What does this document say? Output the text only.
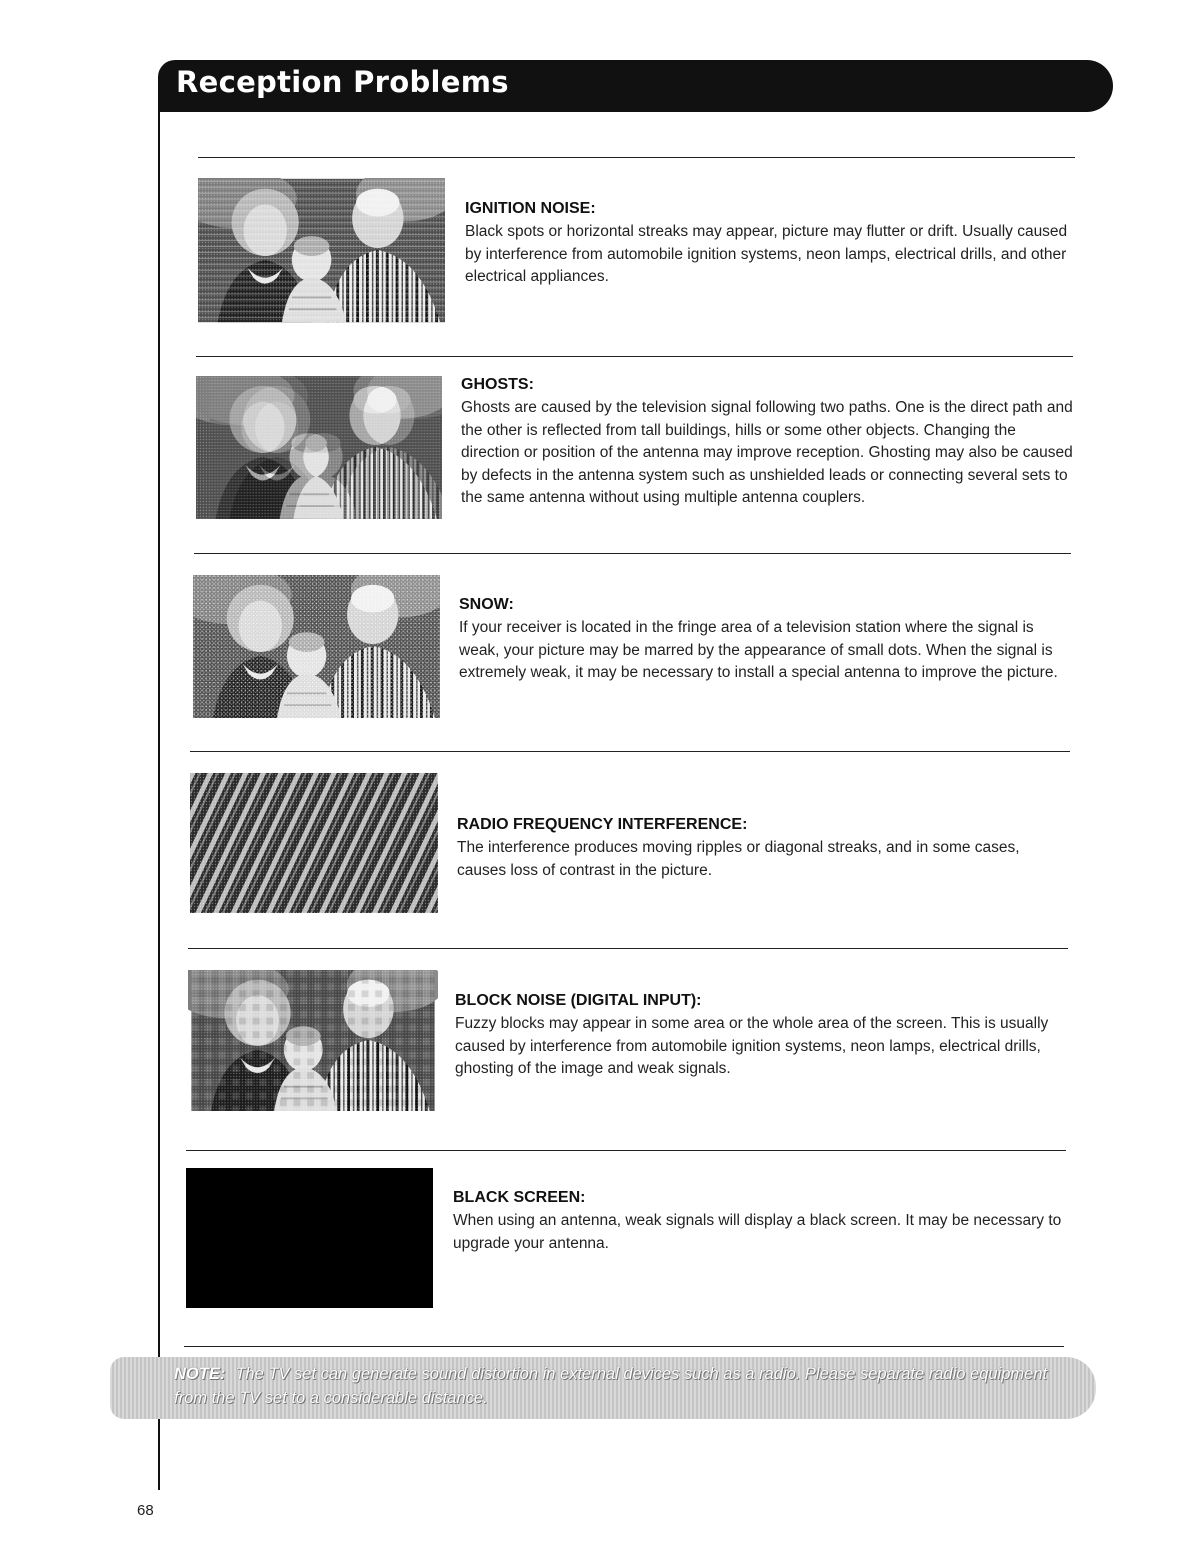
Reception Problems
IGNITION NOISE:

Black spots or horizontal streaks may appear, picture may flutter or drift. Usually caused by interference from automobile ignition systems, neon lamps, electrical drills, and other electrical appliances.

GHOSTS:

Ghosts are caused by the television signal following two paths. One is the direct path and the other is reflected from tall buildings, hills or some other objects. Changing the direction or position of the antenna may improve reception. Ghosting may also be caused by defects in the antenna system such as unshielded leads or connecting several sets to the same antenna without using multiple antenna couplers.

SNOW:

If your receiver is located in the fringe area of a television station where the signal is weak, your picture may be marred by the appearance of small dots. When the signal is extremely weak, it may be necessary to install a special antenna to improve the picture.

RADIO FREQUENCY INTERFERENCE:

The interference produces moving ripples or diagonal streaks, and in some cases, causes loss of contrast in the picture.

BLOCK NOISE (DIGITAL INPUT):

Fuzzy blocks may appear in some area or the whole area of the screen. This is usually caused by interference from automobile ignition systems, neon lamps, electrical drills, ghosting of the image and weak signals.

BLACK SCREEN:

When using an antenna, weak signals will display a black screen. It may be necessary to upgrade your antenna.

NOTE: The TV set can generate sound distortion in external devices such as a radio. Please separate radio equipment from the TV set to a considerable distance.
68
